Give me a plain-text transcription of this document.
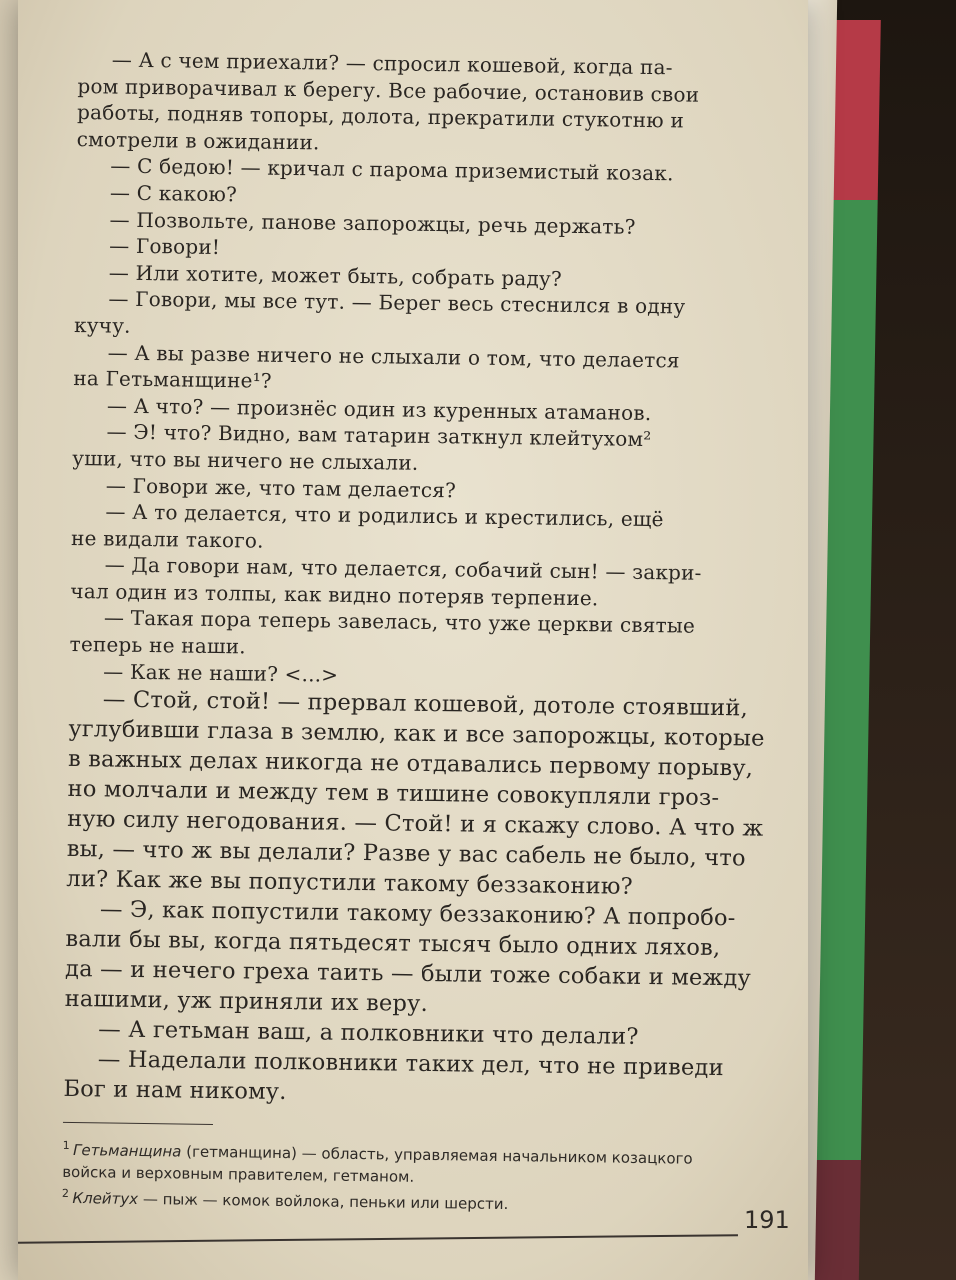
— А с чем приехали? — спросил кошевой, когда па-
ром приворачивал к берегу. Все рабочие, остановив свои
работы, подняв топоры, долота, прекратили стукотню и
смотрели в ожидании.
— С бедою! — кричал с парома приземистый козак.
— С какою?
— Позвольте, панове запорожцы, речь держать?
— Говори!
— Или хотите, может быть, собрать раду?
— Говори, мы все тут. — Берег весь стеснился в одну
кучу.
— А вы разве ничего не слыхали о том, что делается
на Гетьманщине¹?
— А что? — произнёс один из куренных атаманов.
— Э! что? Видно, вам татарин заткнул клейтухом²
уши, что вы ничего не слыхали.
— Говори же, что там делается?
— А то делается, что и родились и крестились, ещё
не видали такого.
— Да говори нам, что делается, собачий сын! — закри-
чал один из толпы, как видно потеряв терпение.
— Такая пора теперь завелась, что уже церкви святые
теперь не наши.
— Как не наши? <...>
— Стой, стой! — прервал кошевой, дотоле стоявший,
углубивши глаза в землю, как и все запорожцы, которые
в важных делах никогда не отдавались первому порыву,
но молчали и между тем в тишине совокупляли гроз-
ную силу негодования. — Стой! и я скажу слово. А что ж
вы, — что ж вы делали? Разве у вас сабель не было, что
ли? Как же вы попустили такому беззаконию?
— Э, как попустили такому беззаконию? А попробо-
вали бы вы, когда пятьдесят тысяч было одних ляхов,
да — и нечего греха таить — были тоже собаки и между
нашими, уж приняли их веру.
— А гетьман ваш, а полковники что делали?
— Наделали полковники таких дел, что не приведи
Бог и нам никому.
$^1$ Гетьманщина (гетманщина) — область, управляемая начальником козацкого
войска и верховным правителем, гетманом.
$^2$ Клейтух — пыж — комок войлока, пеньки или шерсти.
191
